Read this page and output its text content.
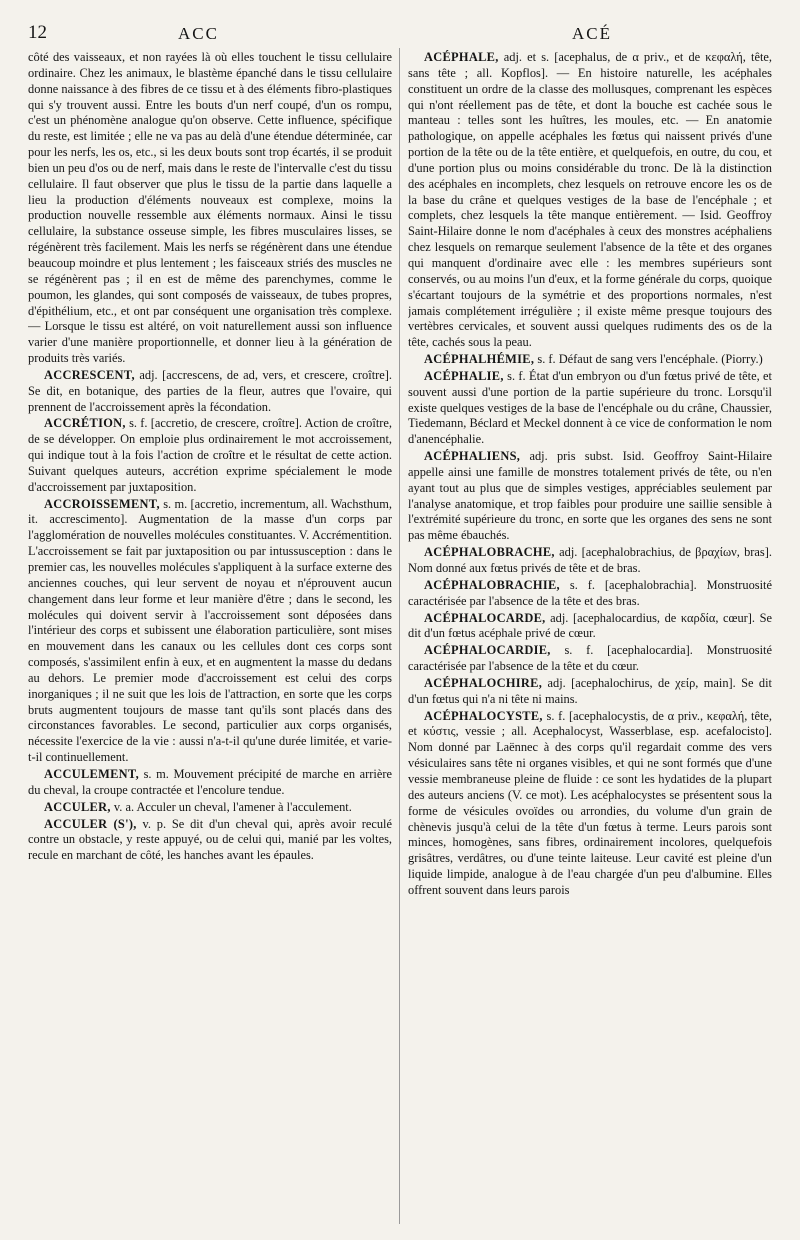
12	ACC	ACÉ

côté des vaisseaux, et non rayées là où elles touchent le tissu cellulaire ordinaire. Chez les animaux, le blastème épanché dans le tissu cellulaire donne naissance à des fibres de ce tissu et à des éléments fibro-plastiques qui s'y trouvent aussi. Entre les bouts d'un nerf coupé, d'un os rompu, c'est un phénomène analogue qu'on observe. Cette influence, spécifique du reste, est limitée ; elle ne va pas au delà d'une étendue déterminée, car pour les nerfs, les os, etc., si les deux bouts sont trop écartés, il se produit bien un peu d'os ou de nerf, mais dans le reste de l'intervalle c'est du tissu cellulaire. Il faut observer que plus le tissu de la partie dans laquelle a lieu la production d'éléments nouveaux est complexe, moins la production nouvelle ressemble aux éléments normaux. Ainsi le tissu cellulaire, la substance osseuse simple, les fibres musculaires lisses, se régénèrent très facilement. Mais les nerfs se régénèrent dans une étendue beaucoup moindre et plus lentement ; les faisceaux striés des muscles ne se régénèrent pas ; il en est de même des parenchymes, comme le poumon, les glandes, qui sont composés de vaisseaux, de tubes propres, d'épithélium, etc., et ont par conséquent une organisation très complexe. — Lorsque le tissu est altéré, on voit naturellement aussi son influence varier d'une manière proportionnelle, et donner lieu à la génération de produits très variés.

ACCRESCENT, adj. [accrescens, de ad, vers, et crescere, croître]. Se dit, en botanique, des parties de la fleur, autres que l'ovaire, qui prennent de l'accroissement après la fécondation.

ACCRÉTION, s. f. [accretio, de crescere, croître]. Action de croître, de se développer. On emploie plus ordinairement le mot accroissement, qui indique tout à la fois l'action de croître et le résultat de cette action. Suivant quelques auteurs, accrétion exprime spécialement le mode d'accroissement par juxtaposition.

ACCROISSEMENT, s. m. [accretio, incrementum, all. Wachsthum, it. accrescimento]. Augmentation de la masse d'un corps par l'agglomération de nouvelles molécules constituantes. V. Accrémentition. L'accroissement se fait par juxtaposition ou par intussusception : dans le premier cas, les nouvelles molécules s'appliquent à la surface externe des anciennes couches, qui leur servent de noyau et n'éprouvent aucun changement dans leur forme et leur manière d'être ; dans le second, les molécules qui doivent servir à l'accroissement sont déposées dans l'intérieur des corps et subissent une élaboration particulière, sont mises en mouvement dans les canaux ou les cellules dont ces corps sont composés, s'assimilent enfin à eux, et en augmentent la masse du dedans au dehors. Le premier mode d'accroissement est celui des corps inorganiques ; il ne suit que les lois de l'attraction, en sorte que les corps bruts augmentent toujours de masse tant qu'ils sont placés dans des circonstances favorables. Le second, particulier aux corps organisés, nécessite l'exercice de la vie : aussi n'a-t-il qu'une durée limitée, et varie-t-il continuellement.

ACCULEMENT, s. m. Mouvement précipité de marche en arrière du cheval, la croupe contractée et l'encolure tendue.

ACCULER, v. a. Acculer un cheval, l'amener à l'acculement.

ACCULER (S'), v. p. Se dit d'un cheval qui, après avoir reculé contre un obstacle, y reste appuyé, ou de celui qui, manié par les voltes, recule en marchant de côté, les hanches avant les épaules.

ACÉPHALE, adj. et s. [acephalus, de α priv., et de κεφαλή, tête, sans tête ; all. Kopflos]. — En histoire naturelle, les acéphales constituent un ordre de la classe des mollusques, comprenant les espèces qui n'ont réellement pas de tête, et dont la bouche est cachée sous le manteau : telles sont les huîtres, les moules, etc. — En anatomie pathologique, on appelle acéphales les fœtus qui naissent privés d'une portion de la tête ou de la tête entière, et quelquefois, en outre, du cou, et d'une portion plus ou moins considérable du tronc. De là la distinction des acéphales en incomplets, chez lesquels on retrouve encore les os de la base du crâne et quelques vestiges de la base de l'encéphale ; et complets, chez lesquels la tête manque entièrement. — Isid. Geoffroy Saint-Hilaire donne le nom d'acéphales à ceux des monstres acéphaliens chez lesquels on remarque seulement l'absence de la tête et des organes qui manquent d'ordinaire avec elle : les membres supérieurs sont conservés, ou au moins l'un d'eux, et la forme générale du corps, quoique s'écartant toujours de la symétrie et des proportions normales, n'est jamais complétement irrégulière ; il existe même presque toujours des vertèbres cervicales, et souvent aussi quelques rudiments des os de la tête, cachés sous la peau.

ACÉPHALHÉMIE, s. f. Défaut de sang vers l'encéphale. (Piorry.)

ACÉPHALIE, s. f. État d'un embryon ou d'un fœtus privé de tête, et souvent aussi d'une portion de la partie supérieure du tronc. Lorsqu'il existe quelques vestiges de la base de l'encéphale ou du crâne, Chaussier, Tiedemann, Béclard et Meckel donnent à ce vice de conformation le nom d'anencéphalie.

ACÉPHALIENS, adj. pris subst. Isid. Geoffroy Saint-Hilaire appelle ainsi une famille de monstres totalement privés de tête, ou n'en ayant tout au plus que de simples vestiges, appréciables seulement par l'analyse anatomique, et trop faibles pour produire une saillie sensible à l'extrémité supérieure du tronc, en sorte que les organes des sens ne sont pas même ébauchés.

ACÉPHALOBRACHE, adj. [acephalobrachius, de βραχίων, bras]. Nom donné aux fœtus privés de tête et de bras.

ACÉPHALOBRACHIE, s. f. [acephalobrachia]. Monstruosité caractérisée par l'absence de la tête et des bras.

ACÉPHALOCARDE, adj. [acephalocardius, de καρδία, cœur]. Se dit d'un fœtus acéphale privé de cœur.

ACÉPHALOCARDIE, s. f. [acephalocardia]. Monstruosité caractérisée par l'absence de la tête et du cœur.

ACÉPHALOCHIRE, adj. [acephalochirus, de χείρ, main]. Se dit d'un fœtus qui n'a ni tête ni mains.

ACÉPHALOCYSTE, s. f. [acephalocystis, de α priv., κεφαλή, tête, et κύστις, vessie ; all. Acephalocyst, Wasserblase, esp. acefalocisto]. Nom donné par Laënnec à des corps qu'il regardait comme des vers vésiculaires sans tête ni organes visibles, et qui ne sont formés que d'une vessie membraneuse pleine de fluide : ce sont les hydatides de la plupart des auteurs anciens (V. ce mot). Les acéphalocystes se présentent sous la forme de vésicules ovoïdes ou arrondies, du volume d'un grain de chènevis jusqu'à celui de la tête d'un fœtus à terme. Leurs parois sont minces, homogènes, sans fibres, ordinairement incolores, quelquefois grisâtres, verdâtres, ou d'une teinte laiteuse. Leur cavité est pleine d'un liquide limpide, analogue à de l'eau chargée d'un peu d'albumine. Elles offrent souvent dans leurs parois
